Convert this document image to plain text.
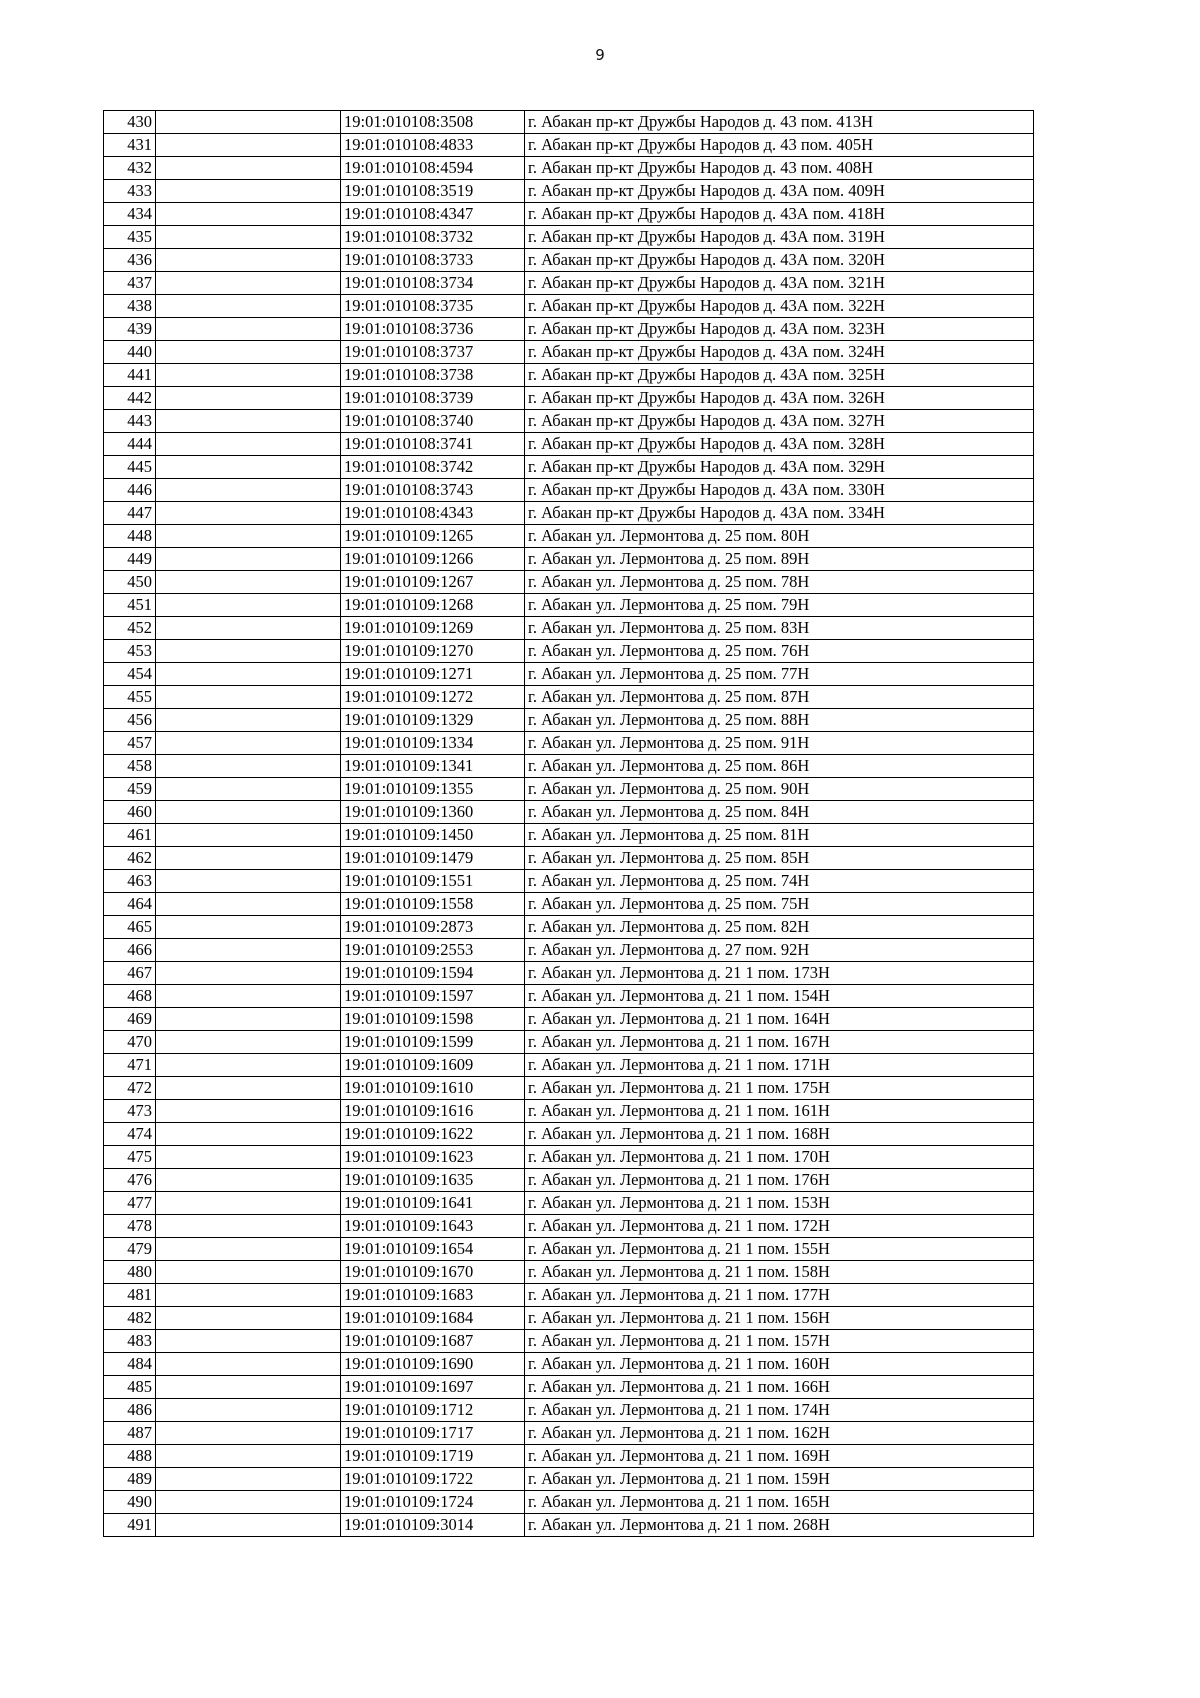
9
430		19:01:010108:3508	г. Абакан пр-кт Дружбы Народов д. 43 пом. 413Н
431		19:01:010108:4833	г. Абакан пр-кт Дружбы Народов д. 43 пом. 405Н
432		19:01:010108:4594	г. Абакан пр-кт Дружбы Народов д. 43 пом. 408Н
433		19:01:010108:3519	г. Абакан пр-кт Дружбы Народов д. 43А пом. 409Н
434		19:01:010108:4347	г. Абакан пр-кт Дружбы Народов д. 43А пом. 418Н
435		19:01:010108:3732	г. Абакан пр-кт Дружбы Народов д. 43А пом. 319Н
436		19:01:010108:3733	г. Абакан пр-кт Дружбы Народов д. 43А пом. 320Н
437		19:01:010108:3734	г. Абакан пр-кт Дружбы Народов д. 43А пом. 321Н
438		19:01:010108:3735	г. Абакан пр-кт Дружбы Народов д. 43А пом. 322Н
439		19:01:010108:3736	г. Абакан пр-кт Дружбы Народов д. 43А пом. 323Н
440		19:01:010108:3737	г. Абакан пр-кт Дружбы Народов д. 43А пом. 324Н
441		19:01:010108:3738	г. Абакан пр-кт Дружбы Народов д. 43А пом. 325Н
442		19:01:010108:3739	г. Абакан пр-кт Дружбы Народов д. 43А пом. 326Н
443		19:01:010108:3740	г. Абакан пр-кт Дружбы Народов д. 43А пом. 327Н
444		19:01:010108:3741	г. Абакан пр-кт Дружбы Народов д. 43А пом. 328Н
445		19:01:010108:3742	г. Абакан пр-кт Дружбы Народов д. 43А пом. 329Н
446		19:01:010108:3743	г. Абакан пр-кт Дружбы Народов д. 43А пом. 330Н
447		19:01:010108:4343	г. Абакан пр-кт Дружбы Народов д. 43А пом. 334Н
448		19:01:010109:1265	г. Абакан ул. Лермонтова д. 25 пом. 80Н
449		19:01:010109:1266	г. Абакан ул. Лермонтова д. 25 пом. 89Н
450		19:01:010109:1267	г. Абакан ул. Лермонтова д. 25 пом. 78Н
451		19:01:010109:1268	г. Абакан ул. Лермонтова д. 25 пом. 79Н
452		19:01:010109:1269	г. Абакан ул. Лермонтова д. 25 пом. 83Н
453		19:01:010109:1270	г. Абакан ул. Лермонтова д. 25 пом. 76Н
454		19:01:010109:1271	г. Абакан ул. Лермонтова д. 25 пом. 77Н
455		19:01:010109:1272	г. Абакан ул. Лермонтова д. 25 пом. 87Н
456		19:01:010109:1329	г. Абакан ул. Лермонтова д. 25 пом. 88Н
457		19:01:010109:1334	г. Абакан ул. Лермонтова д. 25 пом. 91Н
458		19:01:010109:1341	г. Абакан ул. Лермонтова д. 25 пом. 86Н
459		19:01:010109:1355	г. Абакан ул. Лермонтова д. 25 пом. 90Н
460		19:01:010109:1360	г. Абакан ул. Лермонтова д. 25 пом. 84Н
461		19:01:010109:1450	г. Абакан ул. Лермонтова д. 25 пом. 81Н
462		19:01:010109:1479	г. Абакан ул. Лермонтова д. 25 пом. 85Н
463		19:01:010109:1551	г. Абакан ул. Лермонтова д. 25 пом. 74Н
464		19:01:010109:1558	г. Абакан ул. Лермонтова д. 25 пом. 75Н
465		19:01:010109:2873	г. Абакан ул. Лермонтова д. 25 пом. 82Н
466		19:01:010109:2553	г. Абакан ул. Лермонтова д. 27 пом. 92Н
467		19:01:010109:1594	г. Абакан ул. Лермонтова д. 21 1 пом. 173Н
468		19:01:010109:1597	г. Абакан ул. Лермонтова д. 21 1 пом. 154Н
469		19:01:010109:1598	г. Абакан ул. Лермонтова д. 21 1 пом. 164Н
470		19:01:010109:1599	г. Абакан ул. Лермонтова д. 21 1 пом. 167Н
471		19:01:010109:1609	г. Абакан ул. Лермонтова д. 21 1 пом. 171Н
472		19:01:010109:1610	г. Абакан ул. Лермонтова д. 21 1 пом. 175Н
473		19:01:010109:1616	г. Абакан ул. Лермонтова д. 21 1 пом. 161Н
474		19:01:010109:1622	г. Абакан ул. Лермонтова д. 21 1 пом. 168Н
475		19:01:010109:1623	г. Абакан ул. Лермонтова д. 21 1 пом. 170Н
476		19:01:010109:1635	г. Абакан ул. Лермонтова д. 21 1 пом. 176Н
477		19:01:010109:1641	г. Абакан ул. Лермонтова д. 21 1 пом. 153Н
478		19:01:010109:1643	г. Абакан ул. Лермонтова д. 21 1 пом. 172Н
479		19:01:010109:1654	г. Абакан ул. Лермонтова д. 21 1 пом. 155Н
480		19:01:010109:1670	г. Абакан ул. Лермонтова д. 21 1 пом. 158Н
481		19:01:010109:1683	г. Абакан ул. Лермонтова д. 21 1 пом. 177Н
482		19:01:010109:1684	г. Абакан ул. Лермонтова д. 21 1 пом. 156Н
483		19:01:010109:1687	г. Абакан ул. Лермонтова д. 21 1 пом. 157Н
484		19:01:010109:1690	г. Абакан ул. Лермонтова д. 21 1 пом. 160Н
485		19:01:010109:1697	г. Абакан ул. Лермонтова д. 21 1 пом. 166Н
486		19:01:010109:1712	г. Абакан ул. Лермонтова д. 21 1 пом. 174Н
487		19:01:010109:1717	г. Абакан ул. Лермонтова д. 21 1 пом. 162Н
488		19:01:010109:1719	г. Абакан ул. Лермонтова д. 21 1 пом. 169Н
489		19:01:010109:1722	г. Абакан ул. Лермонтова д. 21 1 пом. 159Н
490		19:01:010109:1724	г. Абакан ул. Лермонтова д. 21 1 пом. 165Н
491		19:01:010109:3014	г. Абакан ул. Лермонтова д. 21 1 пом. 268Н
